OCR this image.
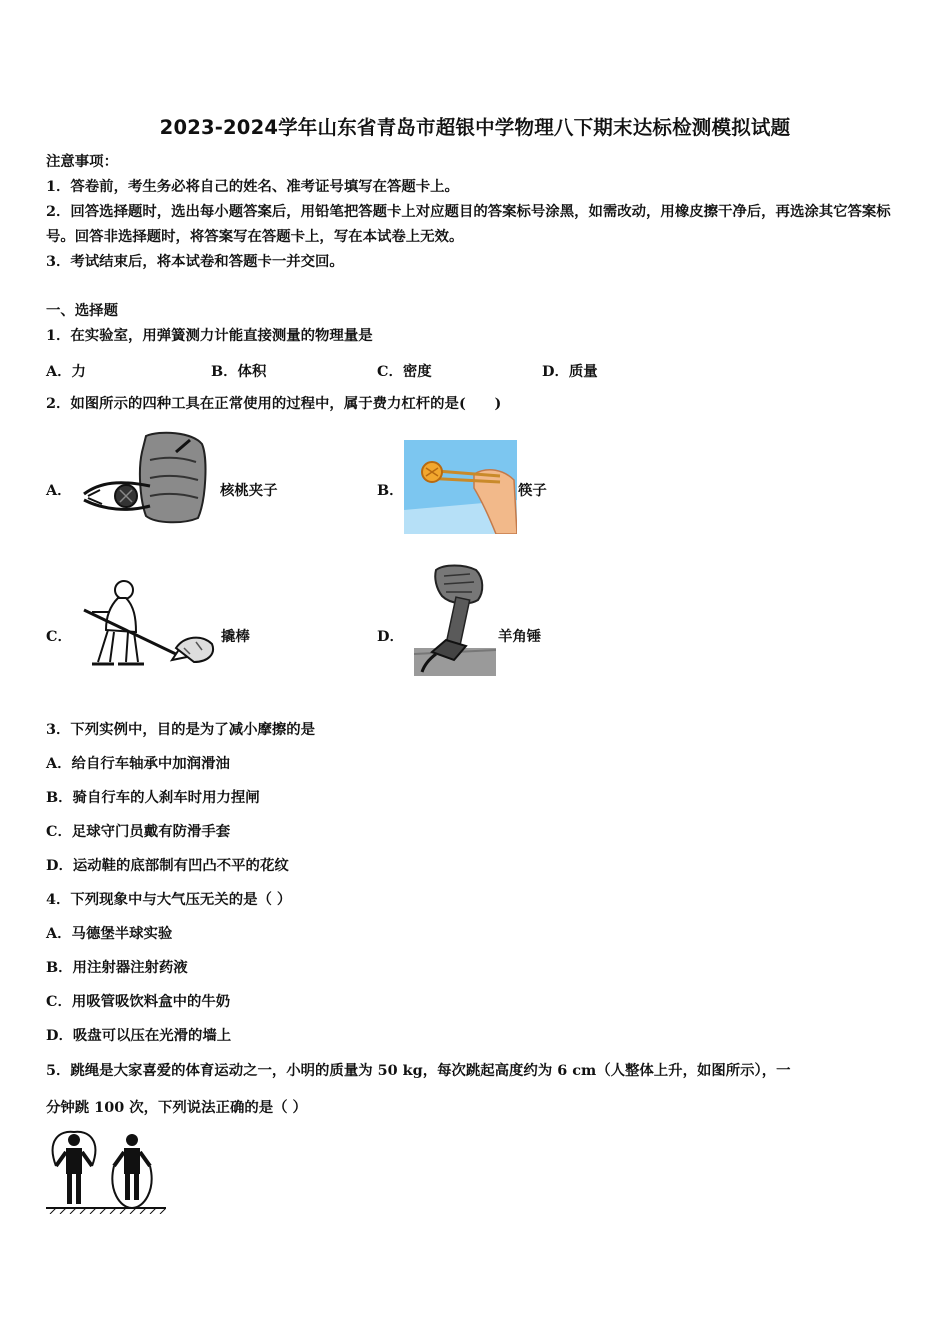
2023-2024学年山东省青岛市超银中学物理八下期末达标检测模拟试题
注意事项：
1．答卷前，考生务必将自己的姓名、准考证号填写在答题卡上。
2．回答选择题时，选出每小题答案后，用铅笔把答题卡上对应题目的答案标号涂黑，如需改动，用橡皮擦干净后，再选涂其它答案标号。回答非选择题时，将答案写在答题卡上，写在本试卷上无效。
3．考试结束后，将本试卷和答题卡一并交回。
一、选择题
1．在实验室，用弹簧测力计能直接测量的物理量是
A．力	B．体积	C．密度	D．质量
2．如图所示的四种工具在正常使用的过程中，属于费力杠杆的是(　　)
A．	核桃夹子	B．	筷子
C．	撬棒	D．	羊角锤
3．下列实例中，目的是为了减小摩擦的是
A．给自行车轴承中加润滑油
B．骑自行车的人刹车时用力捏闸
C．足球守门员戴有防滑手套
D．运动鞋的底部制有凹凸不平的花纹
4．下列现象中与大气压无关的是（ ）
A．马德堡半球实验
B．用注射器注射药液
C．用吸管吸饮料盒中的牛奶
D．吸盘可以压在光滑的墙上
5．跳绳是大家喜爱的体育运动之一，小明的质量为 50 kg，每次跳起高度约为 6 cm（人整体上升，如图所示），一
分钟跳 100 次，下列说法正确的是（ ）
